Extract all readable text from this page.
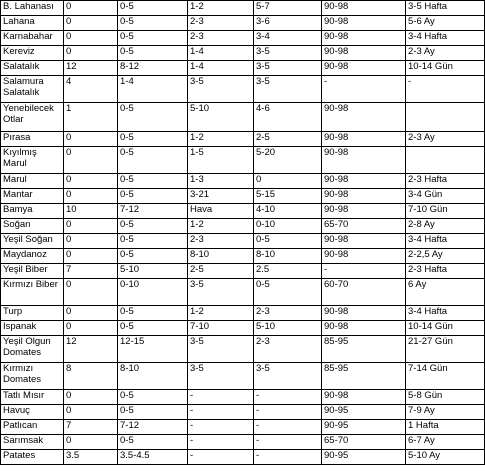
B. Lahanası	0	0-5	1-2	5-7	90-98	3-5 Hafta
Lahana	0	0-5	2-3	3-6	90-98	5-6 Ay
Karnabahar	0	0-5	2-3	3-4	90-98	3-4 Hafta
Kereviz	0	0-5	1-4	3-5	90-98	2-3 Ay
Salatalık	12	8-12	1-4	3-5	90-98	10-14 Gün
Salamura Salatalık	4	1-4	3-5	3-5	-	-
Yenebilecek Otlar	1	0-5	5-10	4-6	90-98	
Pırasa	0	0-5	1-2	2-5	90-98	2-3 Ay
Kıyılmış Marul	0	0-5	1-5	5-20	90-98	
Marul	0	0-5	1-3	0	90-98	2-3 Hafta
Mantar	0	0-5	3-21	5-15	90-98	3-4 Gün
Bamya	10	7-12	Hava	4-10	90-98	7-10 Gün
Soğan	0	0-5	1-2	0-10	65-70	2-8 Ay
Yeşil Soğan	0	0-5	2-3	0-5	90-98	3-4 Hafta
Maydanoz	0	0-5	8-10	8-10	90-98	2-2,5 Ay
Yeşil Biber	7	5-10	2-5	2.5	-	2-3 Hafta
Kırmızı Biber	0	0-10	3-5	0-5	60-70	6 Ay
Turp	0	0-5	1-2	2-3	90-98	3-4 Hafta
Ispanak	0	0-5	7-10	5-10	90-98	10-14 Gün
Yeşil Olgun Domates	12	12-15	3-5	2-3	85-95	21-27 Gün
Kırmızı Domates	8	8-10	3-5	3-5	85-95	7-14 Gün
Tatlı Mısır	0	0-5	-	-	90-98	5-8 Gün
Havuç	0	0-5	-	-	90-95	7-9 Ay
Patlıcan	7	7-12	-	-	90-95	1 Hafta
Sarımsak	0	0-5	-	-	65-70	6-7 Ay
Patates	3.5	3.5-4.5	-	-	90-95	5-10 Ay
